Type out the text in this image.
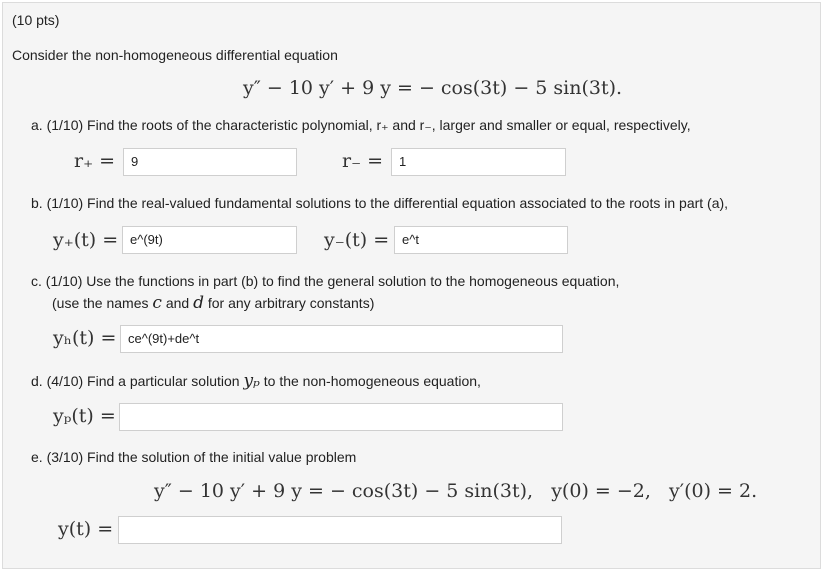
(10 pts)
Consider the non-homogeneous differential equation
y″ − 10 y′ + 9 y = − cos(3t) − 5 sin(3t).
a. (1/10) Find the roots of the characteristic polynomial, r₊ and r₋, larger and smaller or equal, respectively,
r₊ =	9	r₋ =	1
b. (1/10) Find the real-valued fundamental solutions to the differential equation associated to the roots in part (a),
y₊(t) = e^(9t)	y₋(t) = e^t
c. (1/10) Use the functions in part (b) to find the general solution to the homogeneous equation,
(use the names c and d for any arbitrary constants)
yₕ(t) = ce^(9t)+de^t
d. (4/10) Find a particular solution yₚ to the non-homogeneous equation,
yₚ(t) =
e. (3/10) Find the solution of the initial value problem
y″ − 10 y′ + 9 y = − cos(3t) − 5 sin(3t), y(0) = −2, y′(0) = 2.
y(t) =
